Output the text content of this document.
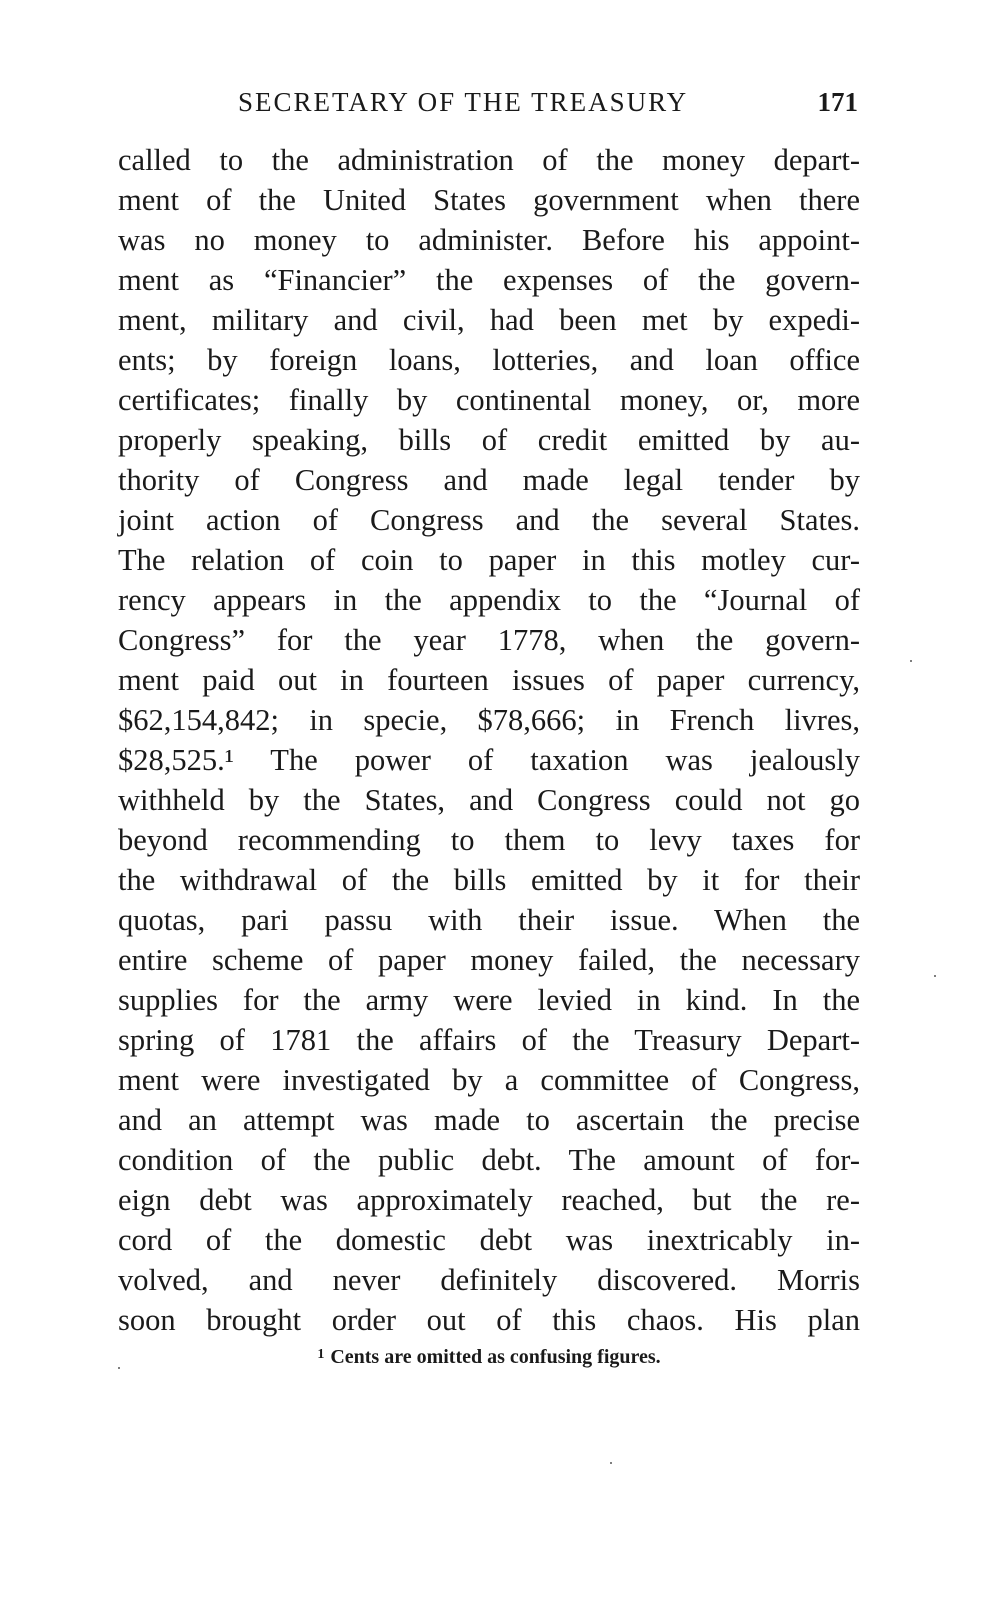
SECRETARY OF THE TREASURY	171
called to the administration of the money depart-
ment of the United States government when there
was no money to administer. Before his appoint-
ment as “Financier” the expenses of the govern-
ment, military and civil, had been met by expedi-
ents; by foreign loans, lotteries, and loan office
certificates; finally by continental money, or, more
properly speaking, bills of credit emitted by au-
thority of Congress and made legal tender by
joint action of Congress and the several States.
The relation of coin to paper in this motley cur-
rency appears in the appendix to the “Journal of
Congress” for the year 1778, when the govern-
ment paid out in fourteen issues of paper currency,
$62,154,842; in specie, $78,666; in French livres,
$28,525.¹ The power of taxation was jealously
withheld by the States, and Congress could not go
beyond recommending to them to levy taxes for
the withdrawal of the bills emitted by it for their
quotas, pari passu with their issue. When the
entire scheme of paper money failed, the necessary
supplies for the army were levied in kind. In the
spring of 1781 the affairs of the Treasury Depart-
ment were investigated by a committee of Congress,
and an attempt was made to ascertain the precise
condition of the public debt. The amount of for-
eign debt was approximately reached, but the re-
cord of the domestic debt was inextricably in-
volved, and never definitely discovered. Morris
soon brought order out of this chaos. His plan
$^1$ Cents are omitted as confusing figures.
